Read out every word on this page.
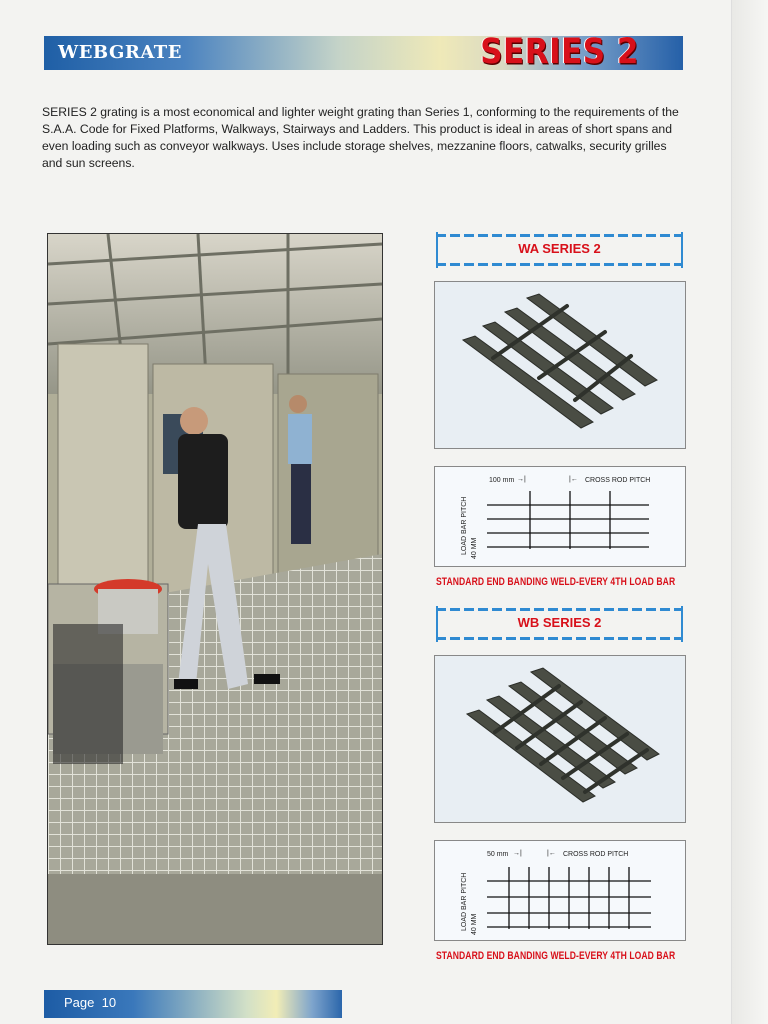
WEBGRATE	SERIES 2

SERIES 2 grating is a most economical and lighter weight grating than Series 1, conforming to the requirements of the S.A.A. Code for Fixed Platforms, Walkways, Stairways and Ladders. This product is ideal in areas of short spans and even loading such as conveyor walkways. Uses include storage shelves, mezzanine floors, catwalks, security grilles and sun screens.

WA SERIES 2
100 mm →|	|← CROSS ROD PITCH
LOAD BAR PITCH 40 MM
STANDARD END BANDING WELD-EVERY 4TH LOAD BAR
WB SERIES 2
50 mm →|	|← CROSS ROD PITCH
LOAD BAR PITCH 40 MM
STANDARD END BANDING WELD-EVERY 4TH LOAD BAR
Page  10
